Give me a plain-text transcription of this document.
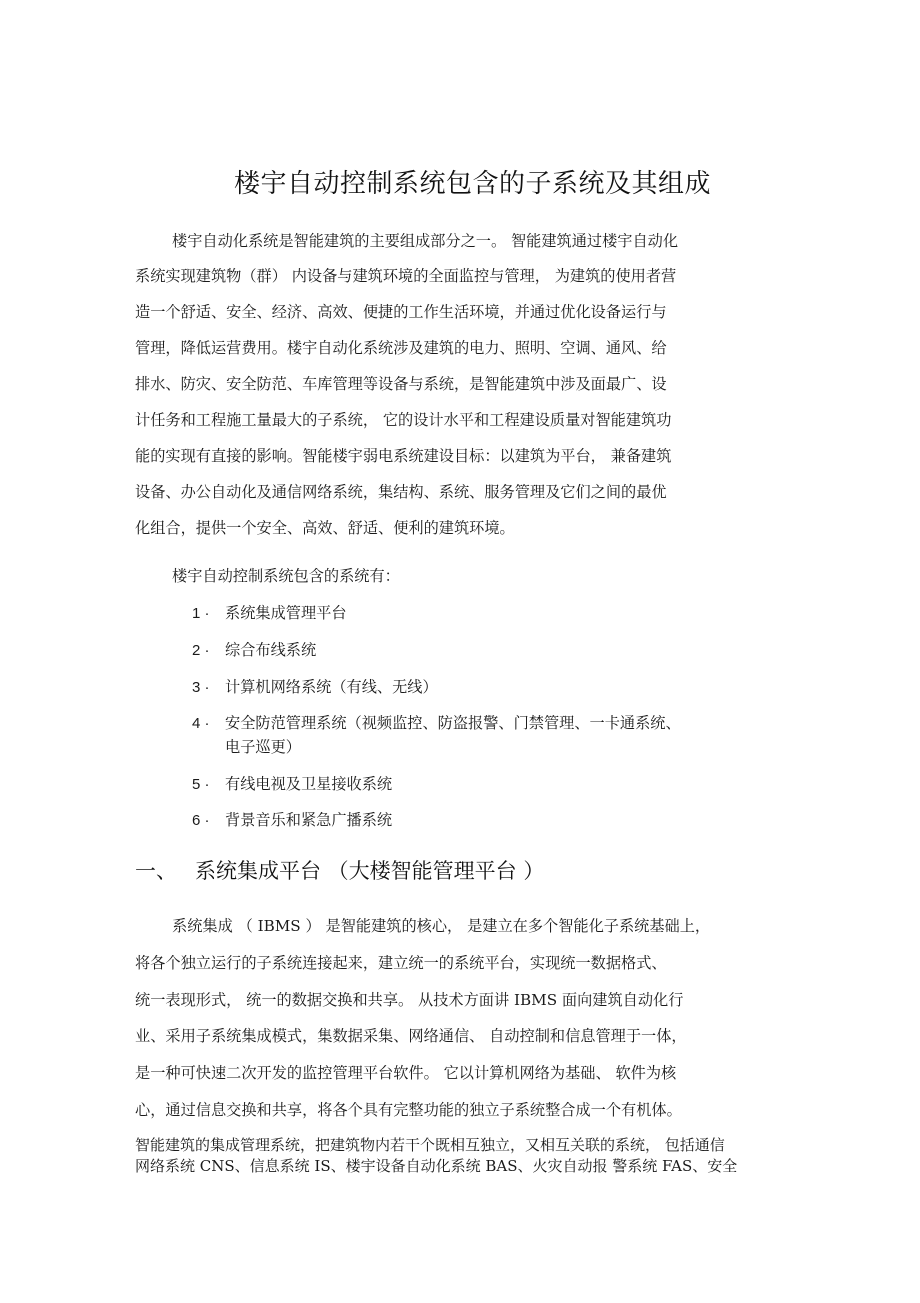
楼宇自动控制系统包含的子系统及其组成
楼宇自动化系统是智能建筑的主要组成部分之一。 智能建筑通过楼宇自动化
系统实现建筑物（群） 内设备与建筑环境的全面监控与管理， 为建筑的使用者营
造一个舒适、安全、经济、高效、便捷的工作生活环境，并通过优化设备运行与
管理，降低运营费用。楼宇自动化系统涉及建筑的电力、照明、空调、通风、给
排水、防灾、安全防范、车库管理等设备与系统，是智能建筑中涉及面最广、设
计任务和工程施工量最大的子系统， 它的设计水平和工程建设质量对智能建筑功
能的实现有直接的影响。智能楼宇弱电系统建设目标：以建筑为平台， 兼备建筑
设备、办公自动化及通信网络系统，集结构、系统、服务管理及它们之间的最优
化组合，提供一个安全、高效、舒适、便利的建筑环境。
楼宇自动控制系统包含的系统有：
1 · 系统集成管理平台
2 · 综合布线系统
3 · 计算机网络系统（有线、无线）
4 · 安全防范管理系统（视频监控、防盗报警、门禁管理、一卡通系统、
电子巡更）
5 · 有线电视及卫星接收系统
6 · 背景音乐和紧急广播系统
一、 系统集成平台 （大楼智能管理平台 ）
系统集成 （ IBMS ） 是智能建筑的核心， 是建立在多个智能化子系统基础上，
将各个独立运行的子系统连接起来，建立统一的系统平台，实现统一数据格式、
统一表现形式， 统一的数据交换和共享。 从技术方面讲 IBMS 面向建筑自动化行
业、采用子系统集成模式，集数据采集、网络通信、 自动控制和信息管理于一体，
是一种可快速二次开发的监控管理平台软件。 它以计算机网络为基础、 软件为核
心，通过信息交换和共享，将各个具有完整功能的独立子系统整合成一个有机体。
智能建筑的集成管理系统，把建筑物内若干个既相互独立，又相互关联的系统， 包括通信
网络系统 CNS、信息系统 IS、楼宇设备自动化系统 BAS、火灾自动报 警系统 FAS、安全
